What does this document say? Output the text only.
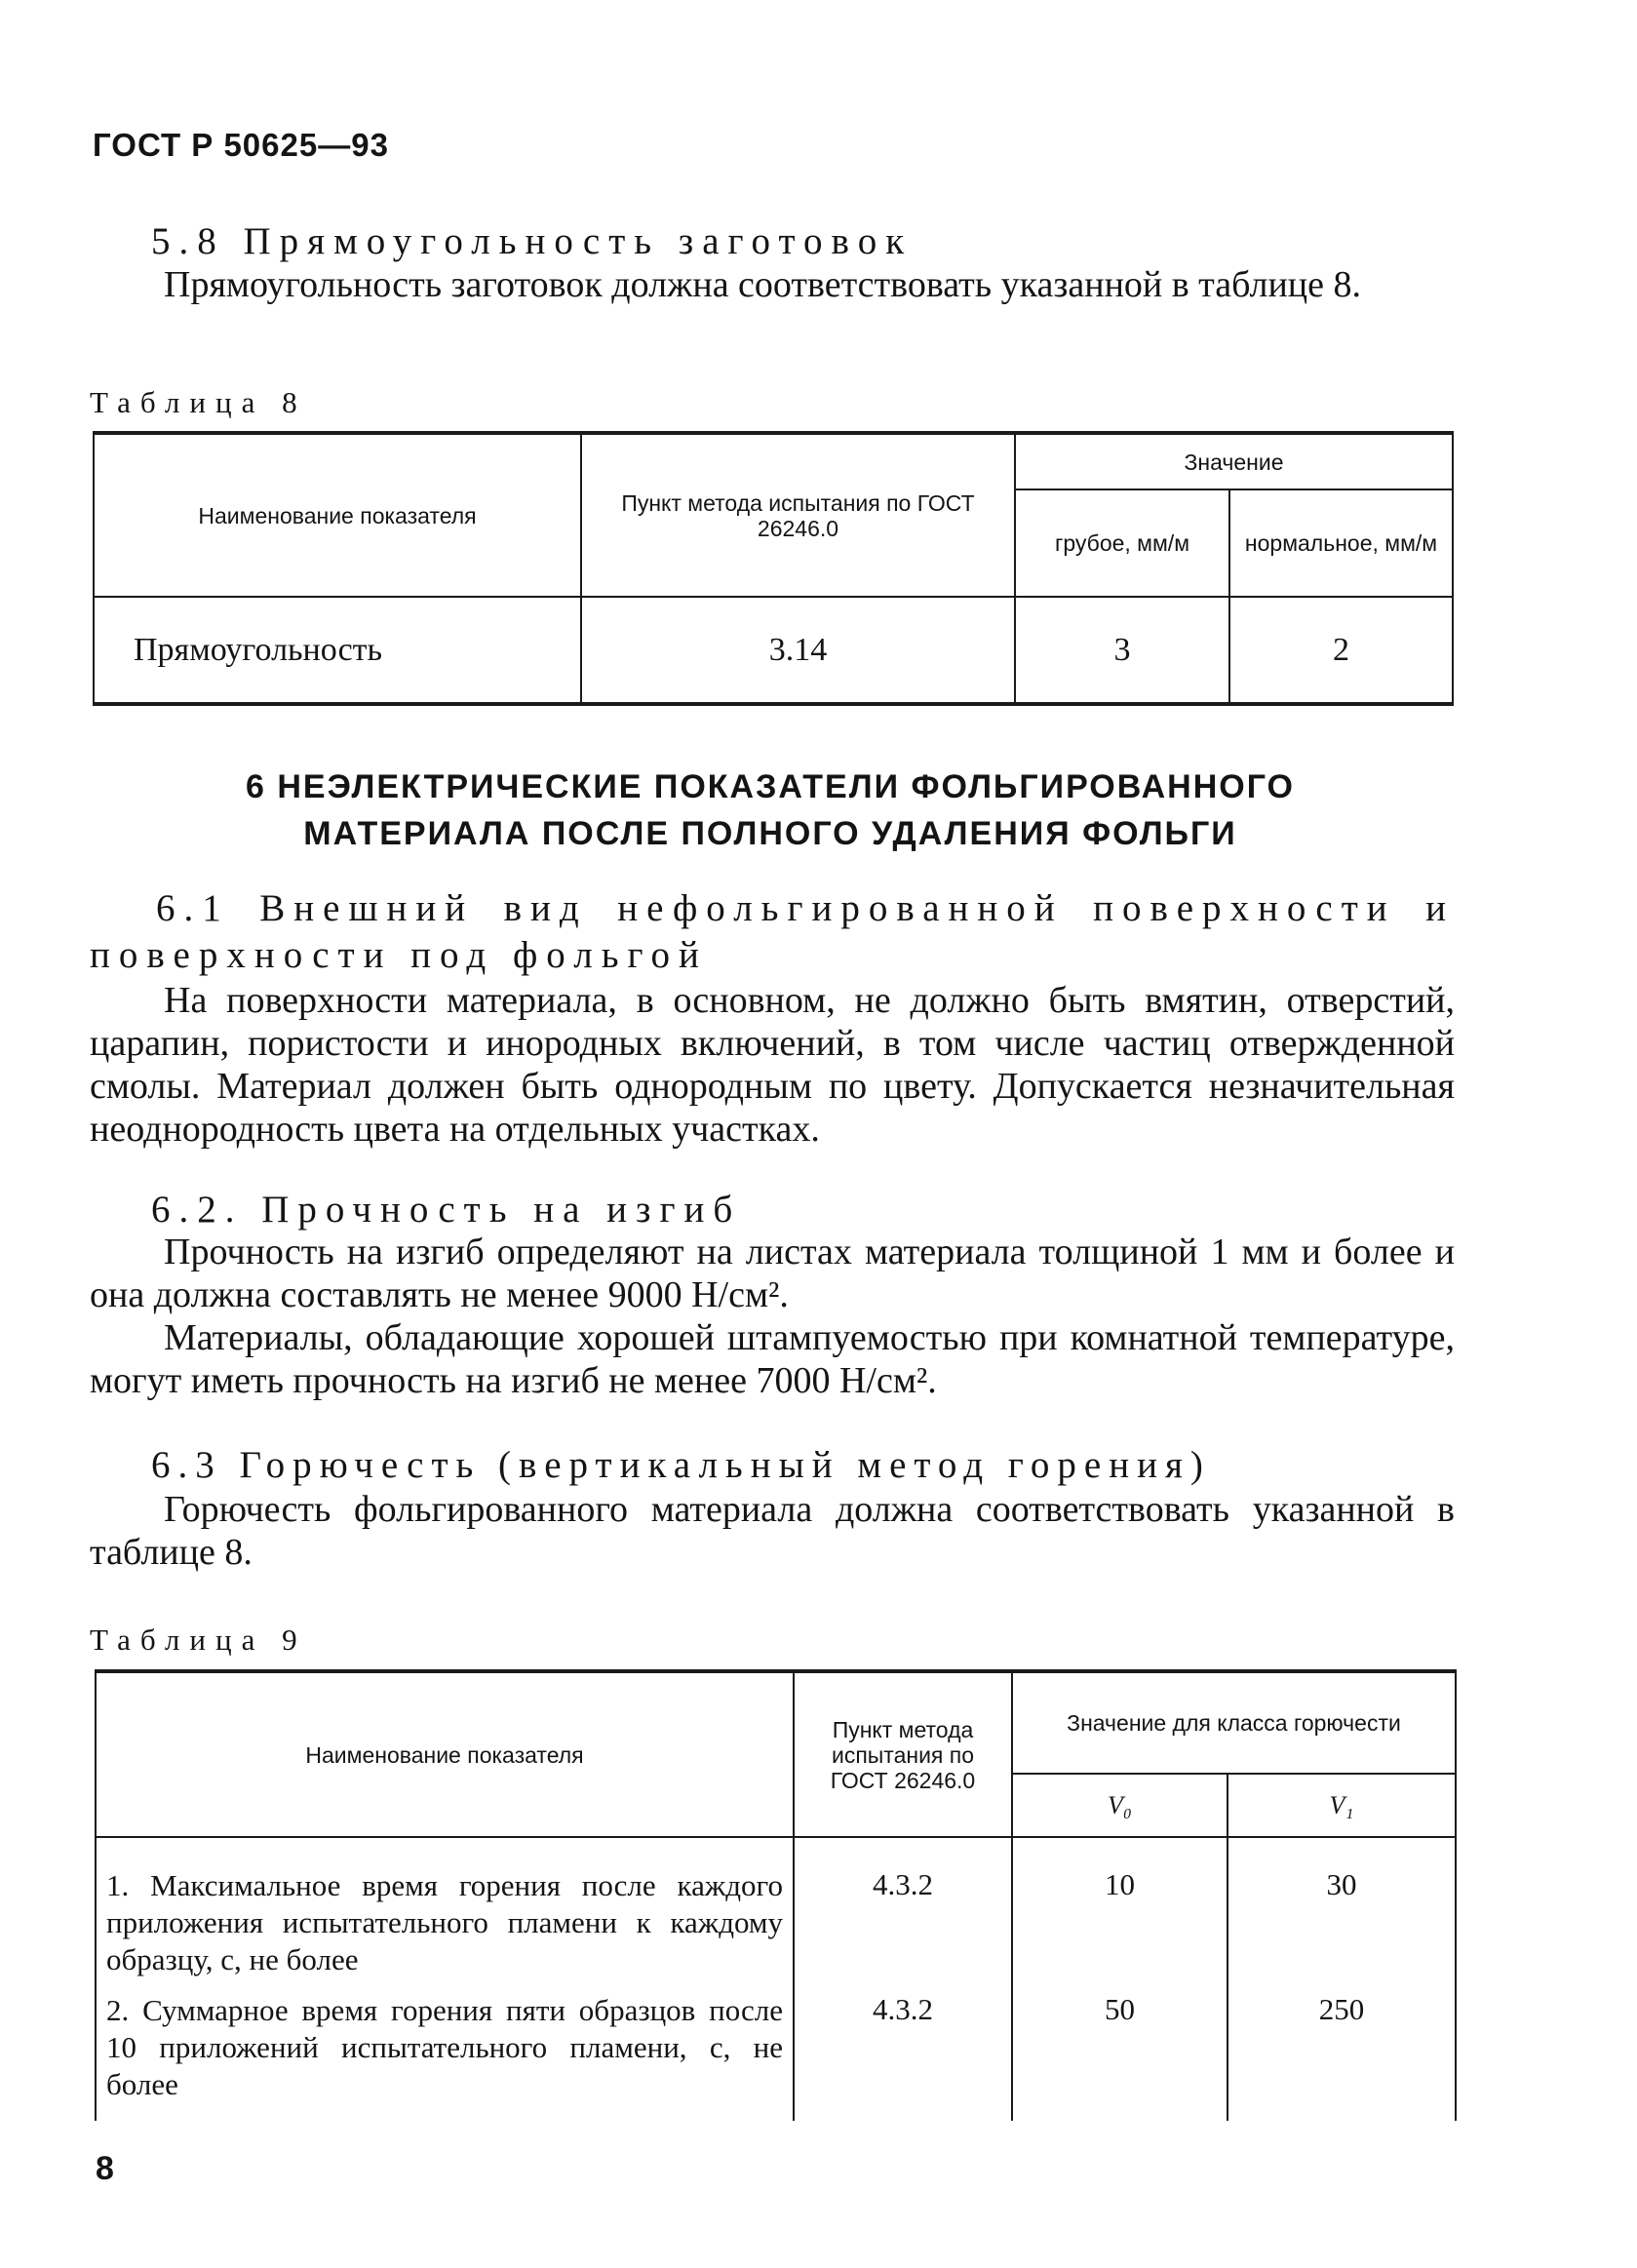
ГОСТ Р 50625—93
5.8 Прямоугольность заготовок
Прямоугольность заготовок должна соответствовать указанной в таблице 8.
Таблица 8
Наименование показателя	Пункт метода испытания по ГОСТ 26246.0	Значение	
		грубое, мм/м	нормальное, мм/м
Прямоугольность	3.14	3	2
6 НЕЭЛЕКТРИЧЕСКИЕ ПОКАЗАТЕЛИ ФОЛЬГИРОВАННОГО
МАТЕРИАЛА ПОСЛЕ ПОЛНОГО УДАЛЕНИЯ ФОЛЬГИ
6.1 Внешний вид нефольгированной поверхности и поверхности под фольгой
На поверхности материала, в основном, не должно быть вмятин, отверстий, царапин, пористости и инородных включений, в том числе частиц отвержденной смолы. Материал должен быть однородным по цвету. Допускается незначительная неоднородность цвета на отдельных участках.
6.2. Прочность на изгиб
Прочность на изгиб определяют на листах материала толщиной 1 мм и более и она должна составлять не менее 9000 Н/см².
Материалы, обладающие хорошей штампуемостью при комнатной температуре, могут иметь прочность на изгиб не менее 7000 Н/см².
6.3 Горючесть (вертикальный метод горения)
Горючесть фольгированного материала должна соответствовать указанной в таблице 8.
Таблица 9
Наименование показателя	Пункт метода испытания по ГОСТ 26246.0	Значение для класса горючести	
		V₀	V₁
1. Максимальное время горения после каждого приложения испытательного пламени к каждому образцу, с, не более	4.3.2	10	30
2. Суммарное время горения пяти образцов после 10 приложений испытательного пламени, с, не более	4.3.2	50	250
8
